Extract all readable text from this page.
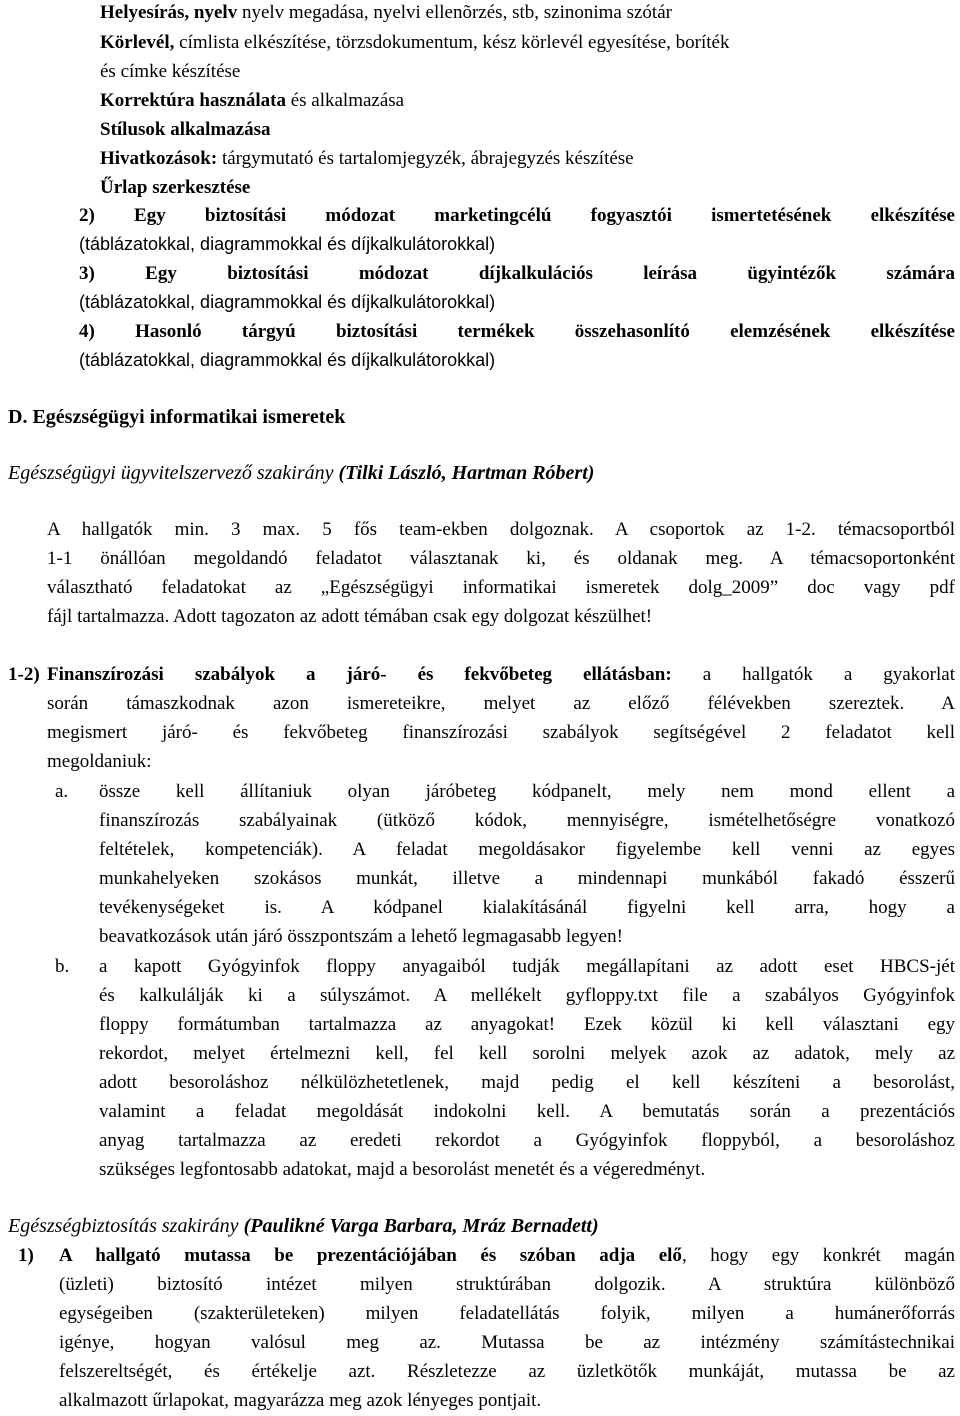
Helyesírás, nyelv nyelv megadása, nyelvi ellenõrzés, stb, szinonima szótár
Körlevél, címlista elkészítése, törzsdokumentum, kész körlevél egyesítése, boríték
és címke készítése
Korrektúra használata és alkalmazása
Stílusok alkalmazása
Hivatkozások: tárgymutató és tartalomjegyzék, ábrajegyzés készítése
Űrlap szerkesztése
2) Egy biztosítási módozat marketingcélú fogyasztói ismertetésének elkészítése
(táblázatokkal, diagrammokkal és díjkalkulátorokkal)
3) Egy biztosítási módozat díjkalkulációs leírása ügyintézők számára
(táblázatokkal, diagrammokkal és díjkalkulátorokkal)
4) Hasonló tárgyú biztosítási termékek összehasonlító elemzésének elkészítése
(táblázatokkal, diagrammokkal és díjkalkulátorokkal)
D. Egészségügyi informatikai ismeretek
Egészségügyi ügyvitelszervező szakirány (Tilki László, Hartman Róbert)
A hallgatók min. 3 max. 5 fős team-ekben dolgoznak. A csoportok az 1-2. témacsoportból
1-1 önállóan megoldandó feladatot választanak ki, és oldanak meg. A témacsoportonként
választható feladatokat az „Egészségügyi informatikai ismeretek dolg_2009” doc vagy pdf
fájl tartalmazza. Adott tagozaton az adott témában csak egy dolgozat készülhet!
1-2) Finanszírozási szabályok a járó- és fekvőbeteg ellátásban: a hallgatók a gyakorlat
során támaszkodnak azon ismereteikre, melyet az előző félévekben szereztek. A
megismert járó- és fekvőbeteg finanszírozási szabályok segítségével 2 feladatot kell
megoldaniuk:
a. össze kell állítaniuk olyan járóbeteg kódpanelt, mely nem mond ellent a
finanszírozás szabályainak (ütköző kódok, mennyiségre, ismételhetőségre vonatkozó
feltételek, kompetenciák). A feladat megoldásakor figyelembe kell venni az egyes
munkahelyeken szokásos munkát, illetve a mindennapi munkából fakadó ésszerű
tevékenységeket is. A kódpanel kialakításánál figyelni kell arra, hogy a
beavatkozások után járó összpontszám a lehető legmagasabb legyen!
b. a kapott Gyógyinfok floppy anyagaiból tudják megállapítani az adott eset HBCS-jét
és kalkulálják ki a súlyszámot. A mellékelt gyfloppy.txt file a szabályos Gyógyinfok
floppy formátumban tartalmazza az anyagokat! Ezek közül ki kell választani egy
rekordot, melyet értelmezni kell, fel kell sorolni melyek azok az adatok, mely az
adott besoroláshoz nélkülözhetetlenek, majd pedig el kell készíteni a besorolást,
valamint a feladat megoldását indokolni kell. A bemutatás során a prezentációs
anyag tartalmazza az eredeti rekordot a Gyógyinfok floppyból, a besoroláshoz
szükséges legfontosabb adatokat, majd a besorolást menetét és a végeredményt.
Egészségbiztosítás szakirány (Paulikné Varga Barbara, Mráz Bernadett)
1) A hallgató mutassa be prezentációjában és szóban adja elő, hogy egy konkrét magán
(üzleti) biztosító intézet milyen struktúrában dolgozik. A struktúra különböző
egységeiben (szakterületeken) milyen feladatellátás folyik, milyen a humánerőforrás
igénye, hogyan valósul meg az. Mutassa be az intézmény számítástechnikai
felszereltségét, és értékelje azt. Részletezze az üzletkötők munkáját, mutassa be az
alkalmazott űrlapokat, magyarázza meg azok lényeges pontjait.
